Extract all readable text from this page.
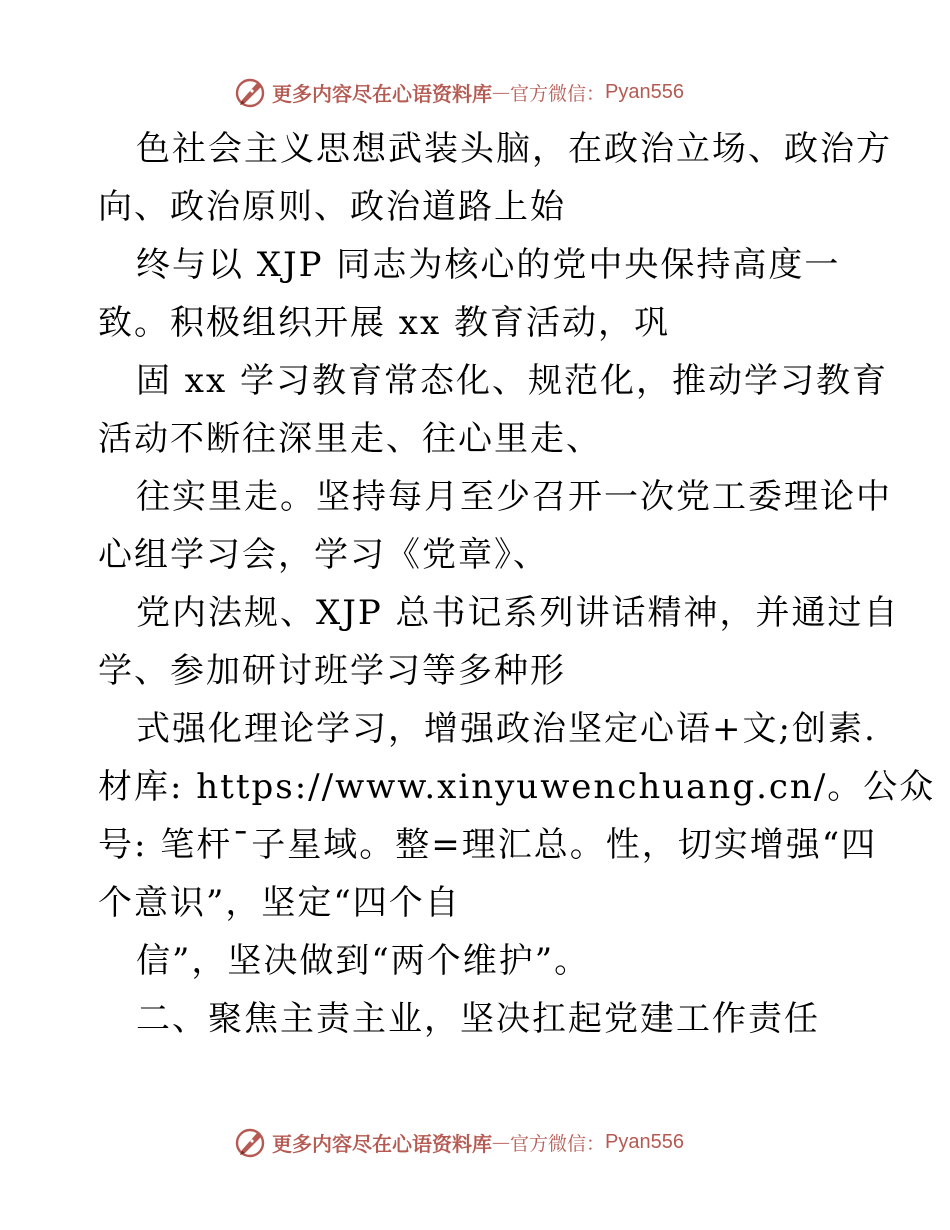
更多内容尽在心语资料库 — 官方微信： Pyan556
色社会主义思想武装头脑，在政治立场、政治方
向、政治原则、政治道路上始
终与以 XJP 同志为核心的党中央保持高度一
致。积极组织开展 xx 教育活动，巩
固 xx 学习教育常态化、规范化，推动学习教育
活动不断往深里走、往心里走、
往实里走。坚持每月至少召开一次党工委理论中
心组学习会，学习《党章》、
党内法规、XJP 总书记系列讲话精神，并通过自
学、参加研讨班学习等多种形
式强化理论学习，增强政治坚定心语+文;创素.
材库: https://www.xinyuwenchuang.cn/。公众
号: 笔杆¯子星域。整=理汇总。性，切实增强“四
个意识”，坚定“四个自
信”，坚决做到“两个维护”。
二、聚焦主责主业，坚决扛起党建工作责任
更多内容尽在心语资料库 — 官方微信： Pyan556
